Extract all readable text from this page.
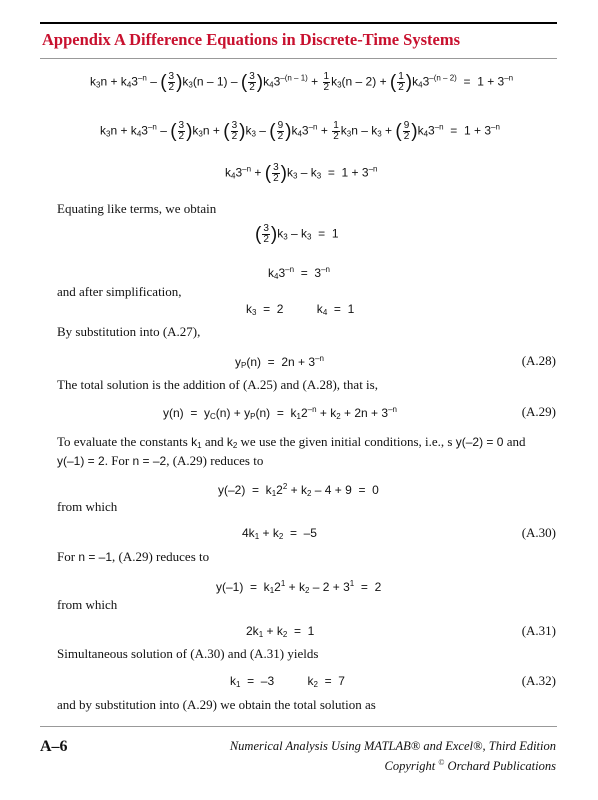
Appendix A Difference Equations in Discrete-Time Systems
$k_3n + k_43^{-n}$ – ( $\frac{3}{2} )k_3(n - 1)$ – ( $\frac{3}{2} )k_43^{-(n - 1)} + \frac{1}{2} k_3(n - 2)$ + ( $\frac{1}{2} )k_43^{-(n - 2)} = 1 + 3^{-n}$
$k_3n + k_43^{-n}$ – ( $\frac{3}{2} )k_3n$ + ( $\frac{3}{2} )k_3$ – ( $\frac{9}{2} )k_43^{-n} + \frac{1}{2} k_3n - k_3$ + ( $\frac{9}{2} )k_43^{-n} = 1 + 3^{-n}$
$k_43^{-n}$ + ( $\frac{3}{2} )k_3 - k_3 = 1 + 3^{-n}$
Equating like terms, we obtain
( $\frac{3}{2} )k_3 - k_3 = 1$
$k_43^{-n} = 3^{-n}$
and after simplification,
$k_3 = 2$          $k_4 = 1$
By substitution into (A.27),
$y_P(n) = 2n + 3^{-n}$	(A.28)
The total solution is the addition of (A.25) and (A.28), that is,
$y(n) = y_C(n) + y_P(n) = k_12^{-n} + k_2 + 2n + 3^{-n}$	(A.29)
To evaluate the constants $k_1$ and $k_2$ we use the given initial conditions, i.e., s y(–2) = 0 and
y(–1) = 2. For n = –2, (A.29) reduces to
$y(-2) = k_12^2 + k_2 - 4 + 9 = 0$
from which
$4k_1 + k_2 = -5$	(A.30)
For n = –1, (A.29) reduces to
$y(-1) = k_12^1 + k_2 - 2 + 3^1 = 2$
from which
$2k_1 + k_2 = 1$	(A.31)
Simultaneous solution of (A.30) and (A.31) yields
$k_1 = -3$          $k_2 = 7$	(A.32)
and by substitution into (A.29) we obtain the total solution as
A–6	Numerical Analysis Using MATLAB® and Excel®, Third Edition
Copyright © Orchard Publications
